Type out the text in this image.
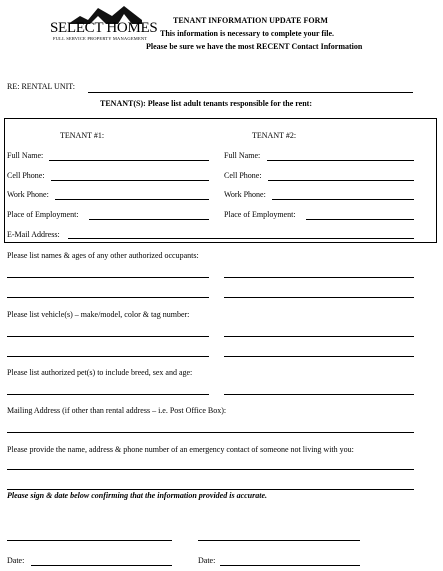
SELECT HOMES
FULL SERVICE PROPERTY MANAGEMENT
TENANT INFORMATION UPDATE FORM
This information is necessary to complete your file.
Please be sure we have the most RECENT Contact Information
RE: RENTAL UNIT:
TENANT(S): Please list adult tenants responsible for the rent:
TENANT #1:	TENANT #2:
Full Name:	Full Name:
Cell Phone:	Cell Phone:
Work Phone:	Work Phone:
Place of Employment:	Place of Employment:
E-Mail Address:
Please list names & ages of any other authorized occupants:
Please list vehicle(s) – make/model, color & tag number:
Please list authorized pet(s) to include breed, sex and age:
Mailing Address (if other than rental address – i.e. Post Office Box):
Please provide the name, address & phone number of an emergency contact of someone not living with you:
Please sign & date below confirming that the information provided is accurate.
Date:	Date:
